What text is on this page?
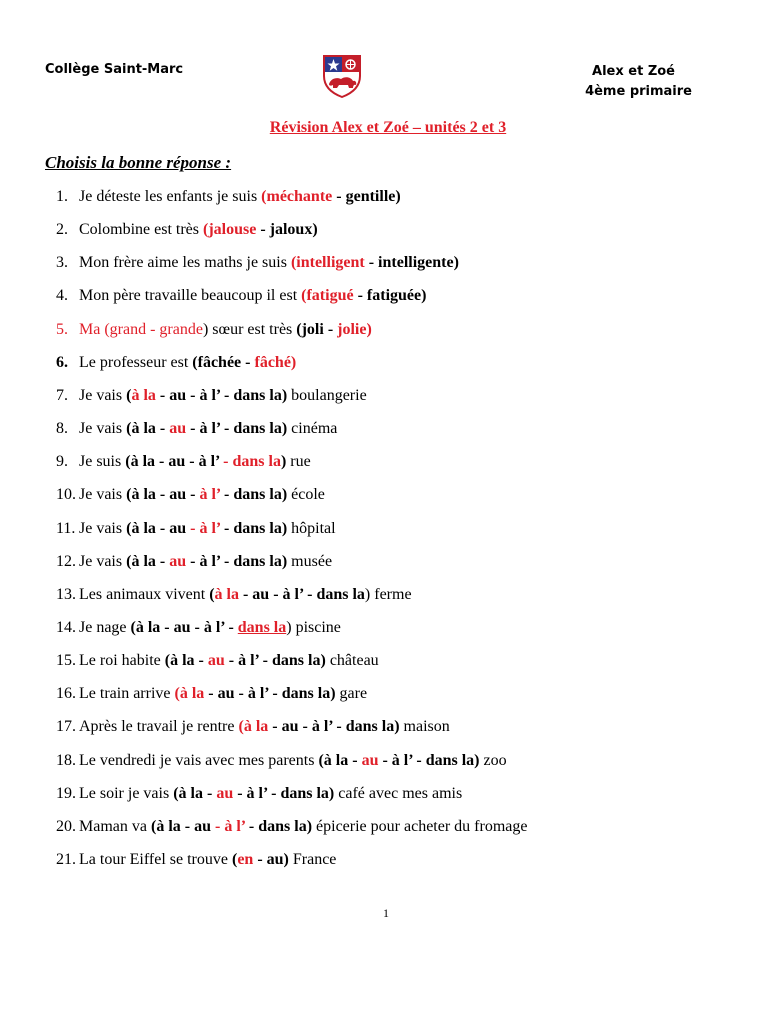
Collège Saint-Marc	Alex et Zoé
4ème primaire
Révision Alex et Zoé – unités 2 et 3
Choisis la bonne réponse :
1. Je déteste les enfants je suis (méchante - gentille)
2. Colombine est très (jalouse - jaloux)
3. Mon frère aime les maths je suis (intelligent - intelligente)
4. Mon père travaille beaucoup il est (fatigué - fatiguée)
5. Ma (grand - grande) sœur est très (joli - jolie)
6. Le professeur est (fâchée - fâché)
7. Je vais (à la - au - à l’ - dans la) boulangerie
8. Je vais (à la - au - à l’ - dans la) cinéma
9. Je suis (à la - au - à l’ - dans la) rue
10. Je vais (à la - au - à l’ - dans la) école
11. Je vais (à la - au - à l’ - dans la) hôpital
12. Je vais (à la - au - à l’ - dans la) musée
13. Les animaux vivent (à la - au - à l’ - dans la) ferme
14. Je nage (à la - au - à l’ - dans la) piscine
15. Le roi habite (à la - au - à l’ - dans la) château
16. Le train arrive (à la - au - à l’ - dans la) gare
17. Après le travail je rentre (à la - au - à l’ - dans la) maison
18. Le vendredi je vais avec mes parents (à la - au - à l’ - dans la) zoo
19. Le soir je vais (à la - au - à l’ - dans la) café avec mes amis
20. Maman va (à la - au - à l’ - dans la) épicerie pour acheter du fromage
21. La tour Eiffel se trouve (en - au) France
1
